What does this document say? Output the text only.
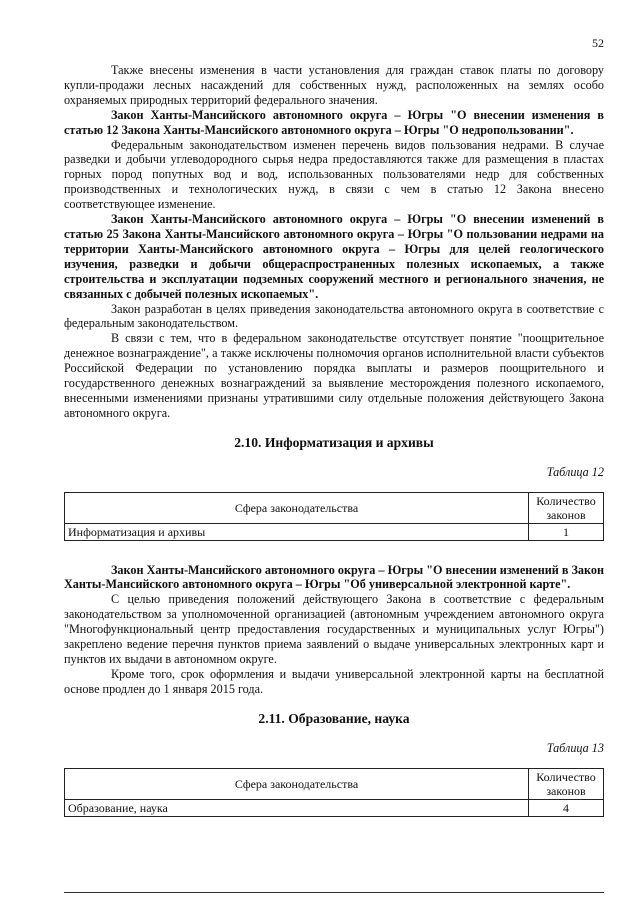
52

Также внесены изменения в части установления для граждан ставок платы по договору купли-продажи лесных насаждений для собственных нужд, расположенных на землях особо охраняемых природных территорий федерального значения.

Закон Ханты-Мансийского автономного округа – Югры "О внесении изменения в статью 12 Закона Ханты-Мансийского автономного округа – Югры "О недропользовании".

Федеральным законодательством изменен перечень видов пользования недрами. В случае разведки и добычи углеводородного сырья недра предоставляются также для размещения в пластах горных пород попутных вод и вод, использованных пользователями недр для собственных производственных и технологических нужд, в связи с чем в статью 12 Закона внесено соответствующее изменение.

Закон Ханты-Мансийского автономного округа – Югры "О внесении изменений в статью 25 Закона Ханты-Мансийского автономного округа – Югры "О пользовании недрами на территории Ханты-Мансийского автономного округа – Югры для целей геологического изучения, разведки и добычи общераспространенных полезных ископаемых, а также строительства и эксплуатации подземных сооружений местного и регионального значения, не связанных с добычей полезных ископаемых".

Закон разработан в целях приведения законодательства автономного округа в соответствие с федеральным законодательством.

В связи с тем, что в федеральном законодательстве отсутствует понятие "поощрительное денежное вознаграждение", а также исключены полномочия органов исполнительной власти субъектов Российской Федерации по установлению порядка выплаты и размеров поощрительного и государственного денежных вознаграждений за выявление месторождения полезного ископаемого, внесенными изменениями признаны утратившими силу отдельные положения действующего Закона автономного округа.

2.10. Информатизация и архивы
Таблица 12
Сфера законодательства	Количество законов
Информатизация и архивы	1

Закон Ханты-Мансийского автономного округа – Югры "О внесении изменений в Закон Ханты-Мансийского автономного округа – Югры "Об универсальной электронной карте".

С целью приведения положений действующего Закона в соответствие с федеральным законодательством за уполномоченной организацией (автономным учреждением автономного округа "Многофункциональный центр предоставления государственных и муниципальных услуг Югры") закреплено ведение перечня пунктов приема заявлений о выдаче универсальных электронных карт и пунктов их выдачи в автономном округе.

Кроме того, срок оформления и выдачи универсальной электронной карты на бесплатной основе продлен до 1 января 2015 года.

2.11. Образование, наука
Таблица 13
Сфера законодательства	Количество законов
Образование, наука	4
